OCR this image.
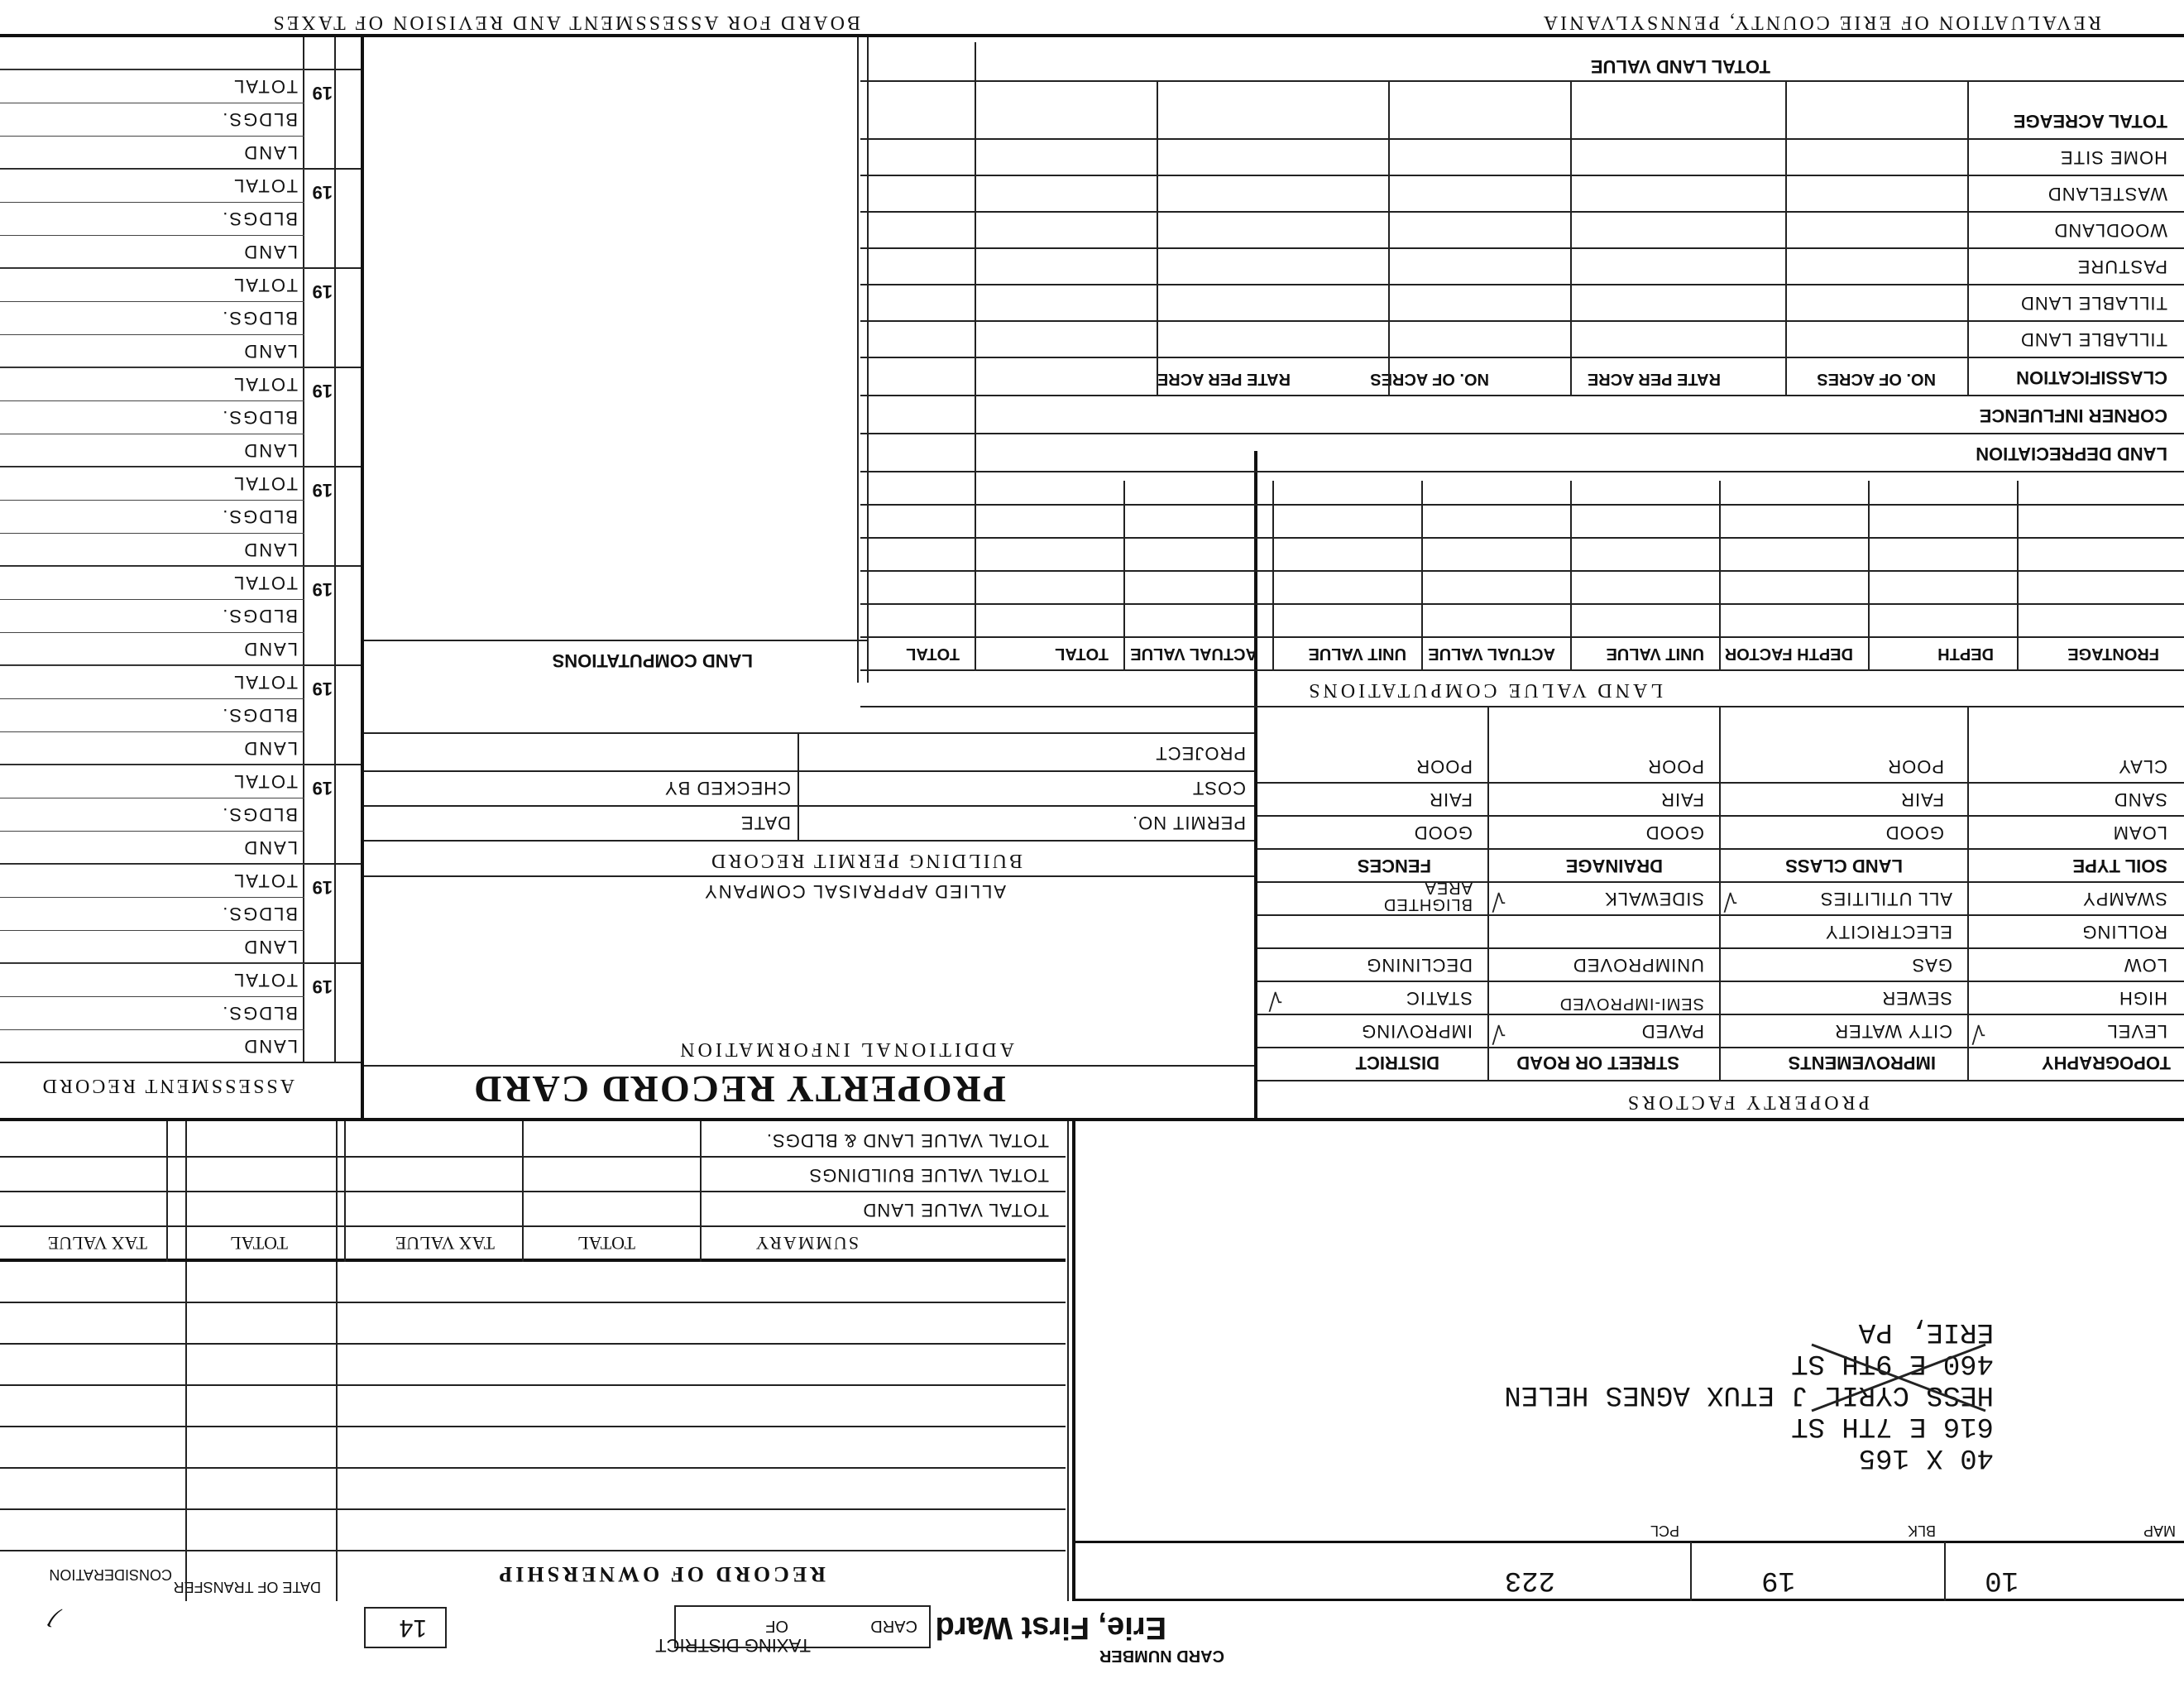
CARD NUMBER
CARD
OF
TAXING DISTRICT
Erie, First Ward
14
ノ
MAP
10
BLK
19
PCL
223
40 X 165
616 E 7TH ST
HESS CYRIL J ETUX AGNES HELEN
460 E 9TH ST
ERIE, PA
RECORD OF OWNERSHIP
DATE OF TRANSFER
CONSIDERATION
SUMMARY
TOTAL VALUE LAND
TOTAL VALUE BUILDINGS
TOTAL VALUE LAND & BLDGS.
TOTAL
TAX VALUE
TOTAL
TAX VALUE
PROPERTY FACTORS
TOPOGRAPHY
IMPROVEMENTS
STREET OR ROAD
DISTRICT
LEVEL
HIGH
LOW
ROLLING
SWAMPY
CITY WATER
SEWER
GAS
ELECTRICITY
ALL UTILITIES
PAVED
SEMI-IMPROVED
UNIMPROVED
SIDEWALK
IMPROVING
STATIC
DECLINING
BLIGHTED AREA
√
√
√
√
√
SOIL TYPE
LAND CLASS
DRAINAGE
FENCES
LOAM
SAND
CLAY
GOOD
FAIR
POOR
GOOD
FAIR
POOR
GOOD
FAIR
POOR
PROPERTY RECORD CARD
ADDITIONAL INFORMATION
ALLIED APPRAISAL COMPANY
BUILDING PERMIT RECORD
PERMIT NO.
COST
PROJECT
DATE
CHECKED BY
ASSESSMENT RECORD
19
LAND
BLDGS.
TOTAL
19
LAND
BLDGS.
TOTAL
19
LAND
BLDGS.
TOTAL
19
LAND
BLDGS.
TOTAL
19
LAND
BLDGS.
TOTAL
19
LAND
BLDGS.
TOTAL
19
LAND
BLDGS.
TOTAL
19
LAND
BLDGS.
TOTAL
19
LAND
BLDGS.
TOTAL
19
LAND
BLDGS.
TOTAL
LAND COMPUTATIONS
LAND VALUE COMPUTATIONS
FRONTAGE
DEPTH
DEPTH FACTOR
UNIT VALUE
ACTUAL VALUE
UNIT VALUE
ACTUAL VALUE
TOTAL
TOTAL
LAND DEPRECIATION
CORNER INFLUENCE
CLASSIFICATION
NO. OF ACRES
RATE PER ACRE
NO. OF ACRES
RATE PER ACRE
TILLABLE LAND
TILLABLE LAND
PASTURE
WOODLAND
WASTELAND
HOME SITE
TOTAL ACREAGE
TOTAL LAND VALUE
REVALUATION OF ERIE COUNTY, PENNSYLVANIA
BOARD FOR ASSESSMENT AND REVISION OF TAXES
